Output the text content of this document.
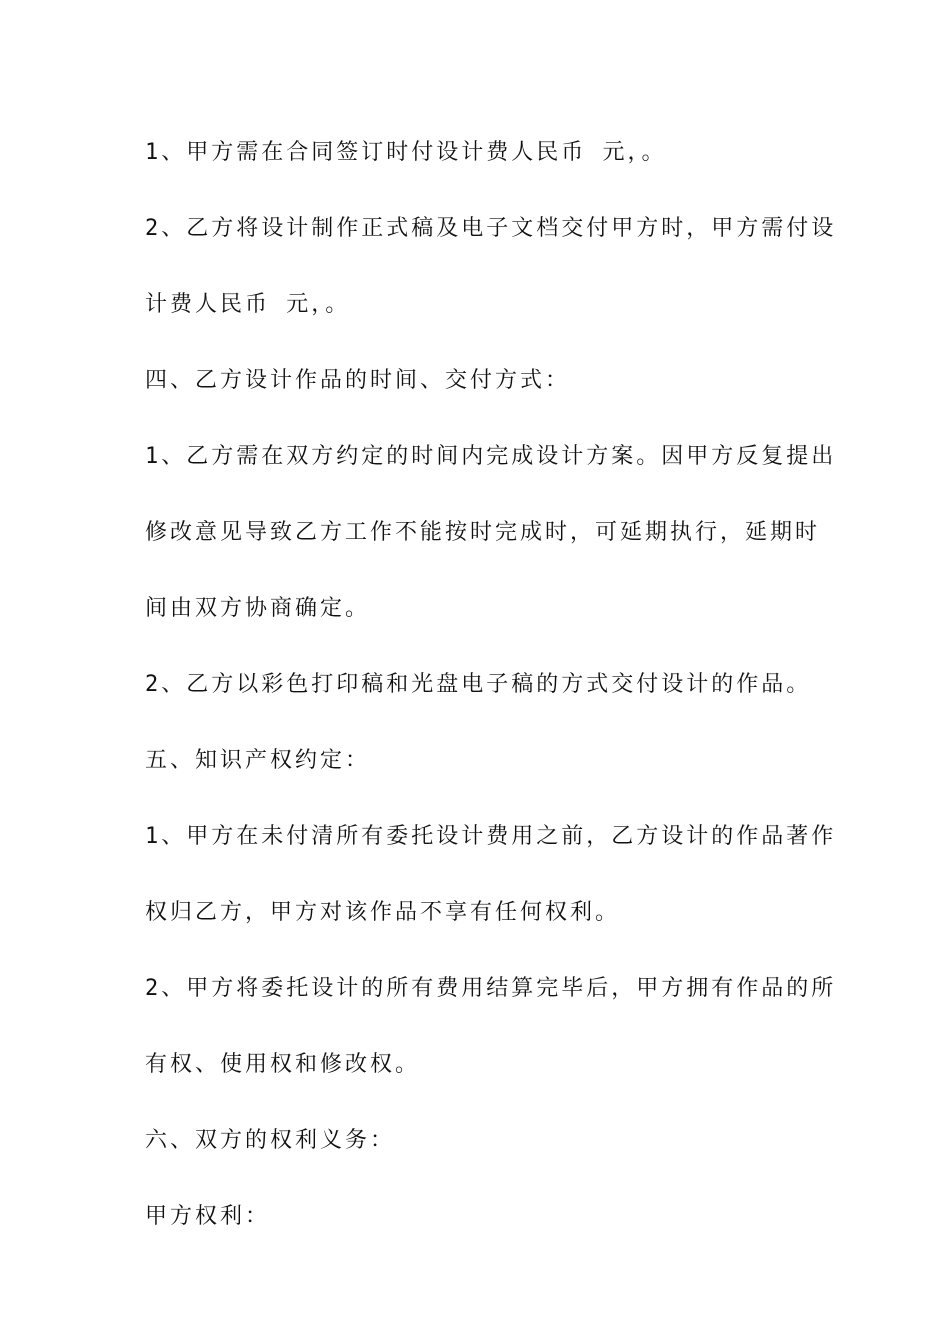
1、甲方需在合同签订时付设计费人民币 元，。
2、乙方将设计制作正式稿及电子文档交付甲方时，甲方需付设
计费人民币 元，。
四、乙方设计作品的时间、交付方式：
1、乙方需在双方约定的时间内完成设计方案。因甲方反复提出
修改意见导致乙方工作不能按时完成时，可延期执行，延期时
间由双方协商确定。
2、乙方以彩色打印稿和光盘电子稿的方式交付设计的作品。
五、知识产权约定：
1、甲方在未付清所有委托设计费用之前，乙方设计的作品著作
权归乙方，甲方对该作品不享有任何权利。
2、甲方将委托设计的所有费用结算完毕后，甲方拥有作品的所
有权、使用权和修改权。
六、双方的权利义务：
甲方权利：
